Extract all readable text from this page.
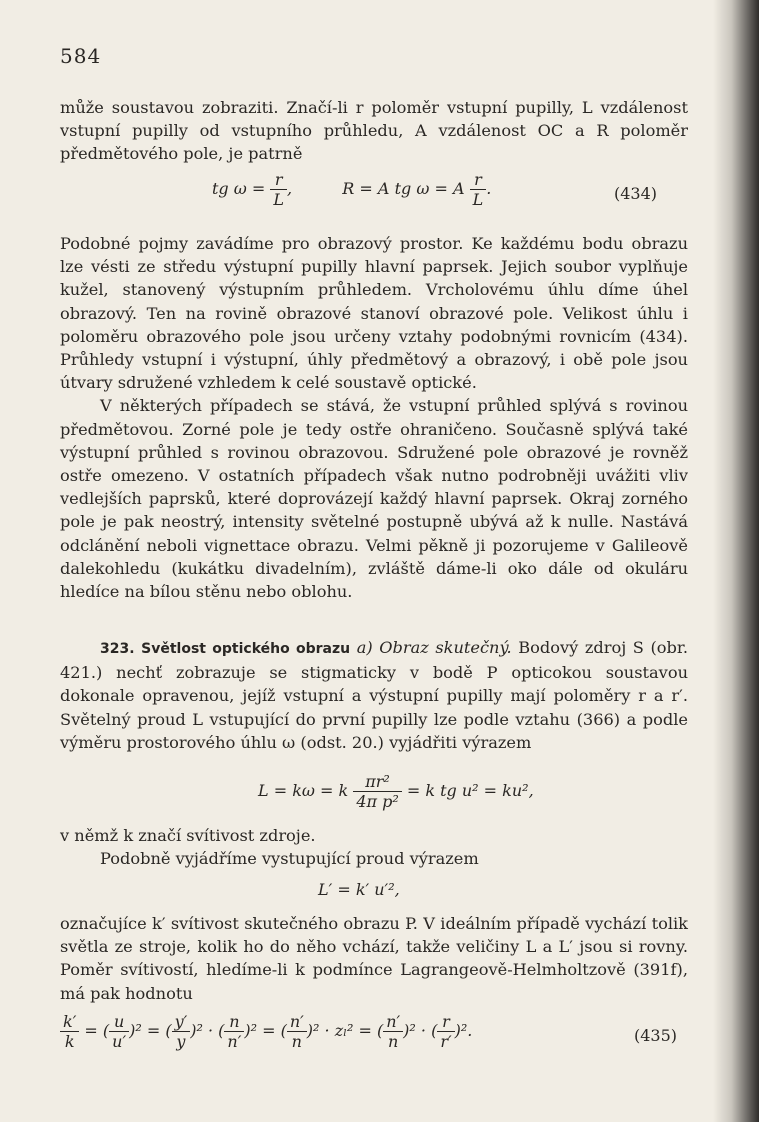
584

může soustavou zobraziti. Značí-li r poloměr vstupní pupilly, L vzdálenost vstupní pupilly od vstupního průhledu, A vzdálenost OC a R poloměr předmětového pole, je patrně

tg $\omega = \frac{r}{L}$ ,	R = A tg ω = A $\frac{r}{L}$ .	(434)

Podobné pojmy zavádíme pro obrazový prostor. Ke každému bodu obrazu lze vésti ze středu výstupní pupilly hlavní paprsek. Jejich soubor vyplňuje kužel, stanovený výstupním průhledem. Vrcholovému úhlu díme úhel obrazový. Ten na rovině obrazové stanoví obrazové pole. Velikost úhlu i poloměru obrazového pole jsou určeny vztahy podobnými rovnicím (434). Průhledy vstupní i výstupní, úhly předmětový a obrazový, i obě pole jsou útvary sdružené vzhledem k celé soustavě optické.

V některých případech se stává, že vstupní průhled splývá s rovinou předmětovou. Zorné pole je tedy ostře ohraničeno. Současně splývá také výstupní průhled s rovinou obrazovou. Sdružené pole obrazové je rovněž ostře omezeno. V ostatních případech však nutno podrobněji uvážiti vliv vedlejších paprsků, které doprovázejí každý hlavní paprsek. Okraj zorného pole je pak neostrý, intensity světelné postupně ubývá až k nulle. Nastává odclánění neboli vignettace obrazu. Velmi pěkně ji pozorujeme v Galileově dalekohledu (kukátku divadelním), zvláště dáme-li oko dále od okuláru hledíce na bílou stěnu nebo oblohu.

323. Světlost optického obrazu a) Obraz skutečný. Bodový zdroj S (obr. 421.) nechť zobrazuje se stigmaticky v bodě P opticokou soustavou dokonale opravenou, jejíž vstupní a výstupní pupilly mají poloměry r a r′. Světelný proud L vstupující do první pupilly lze podle vztahu (366) a podle výměru prostorového úhlu ω (odst. 20.) vyjádřiti výrazem

L = kω = k $\frac{\text{πr²}}{\text{4π p²}} = k$ tg u² = ku²,

v němž k značí svítivost zdroje.

Podobně vyjádříme vystupující proud výrazem

L′ = k′ u′²,

označujíce k′ svítivost skutečného obrazu P. V ideálním případě vychází tolik světla ze stroje, kolik ho do něho vchází, takže veličiny L a L′ jsou si rovny. Poměr svítivostí, hledíme-li k podmínce Lagrangeově-Helmholtzově (391f), má pak hodnotu

$\frac{k'}{k}$ = ( $\frac{u}{u'} )^2$ = ( $\frac{y'}{y} )^2$ · ( $\frac{n}{n'} )^2$ = ( $\frac{n'}{n} )^2 \cdot z_l^2$ = ( $\frac{n'}{n} )^2$ · ( $\frac{r}{r'} )^2$.	(435)
